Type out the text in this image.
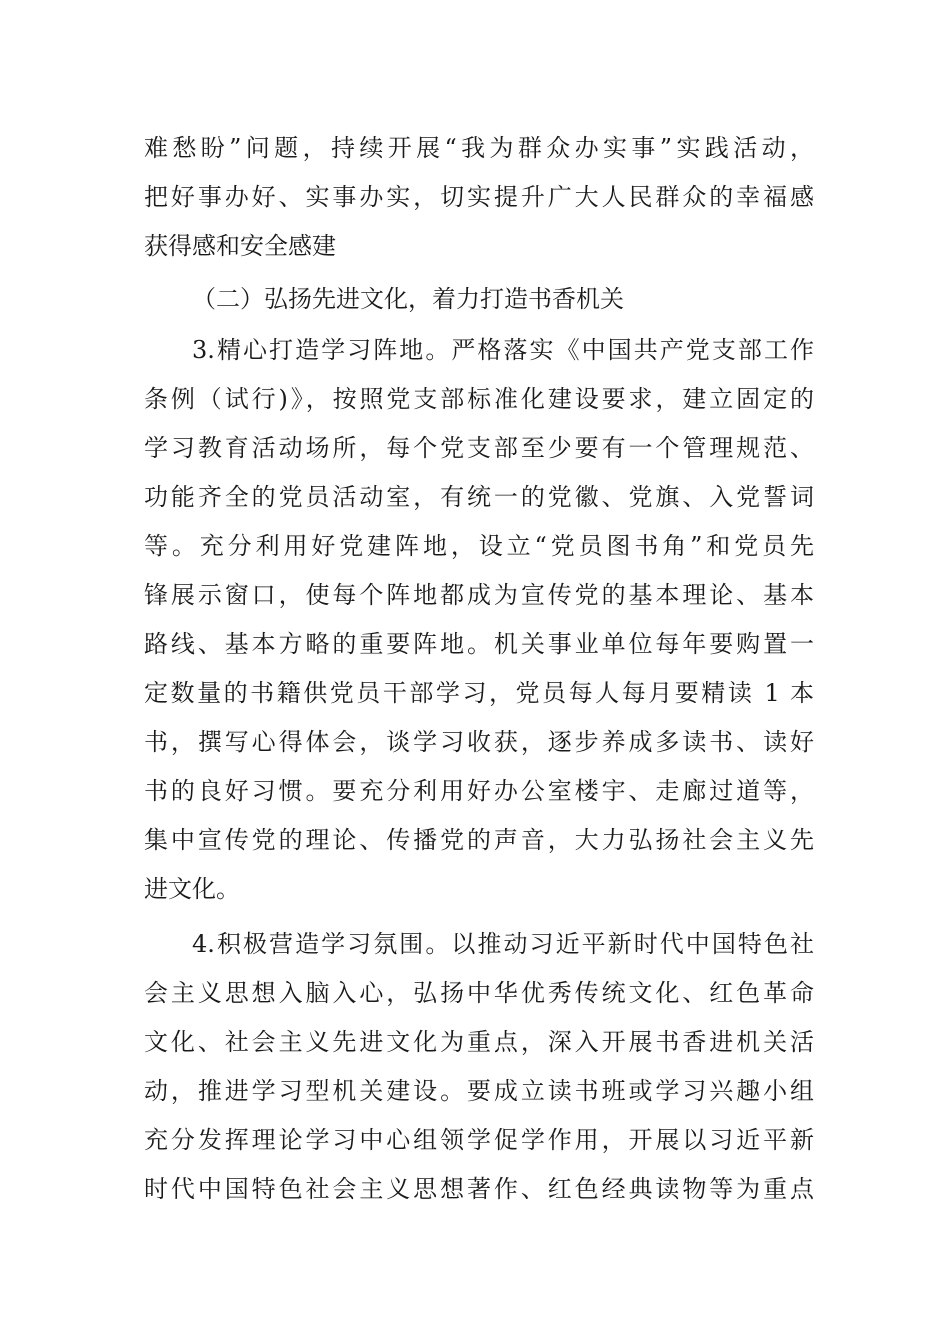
难愁盼”问题，持续开展“我为群众办实事”实践活动，
把好事办好、实事办实，切实提升广大人民群众的幸福感
获得感和安全感建
（二）弘扬先进文化，着力打造书香机关
3.精心打造学习阵地。严格落实《中国共产党支部工作
条例（试行)》，按照党支部标准化建设要求，建立固定的
学习教育活动场所，每个党支部至少要有一个管理规范、
功能齐全的党员活动室，有统一的党徽、党旗、入党誓词
等。充分利用好党建阵地，设立“党员图书角”和党员先
锋展示窗口，使每个阵地都成为宣传党的基本理论、基本
路线、基本方略的重要阵地。机关事业单位每年要购置一
定数量的书籍供党员干部学习，党员每人每月要精读 1 本
书，撰写心得体会，谈学习收获，逐步养成多读书、读好
书的良好习惯。要充分利用好办公室楼宇、走廊过道等，
集中宣传党的理论、传播党的声音，大力弘扬社会主义先
进文化。
4.积极营造学习氛围。以推动习近平新时代中国特色社
会主义思想入脑入心，弘扬中华优秀传统文化、红色革命
文化、社会主义先进文化为重点，深入开展书香进机关活
动，推进学习型机关建设。要成立读书班或学习兴趣小组
充分发挥理论学习中心组领学促学作用，开展以习近平新
时代中国特色社会主义思想著作、红色经典读物等为重点
